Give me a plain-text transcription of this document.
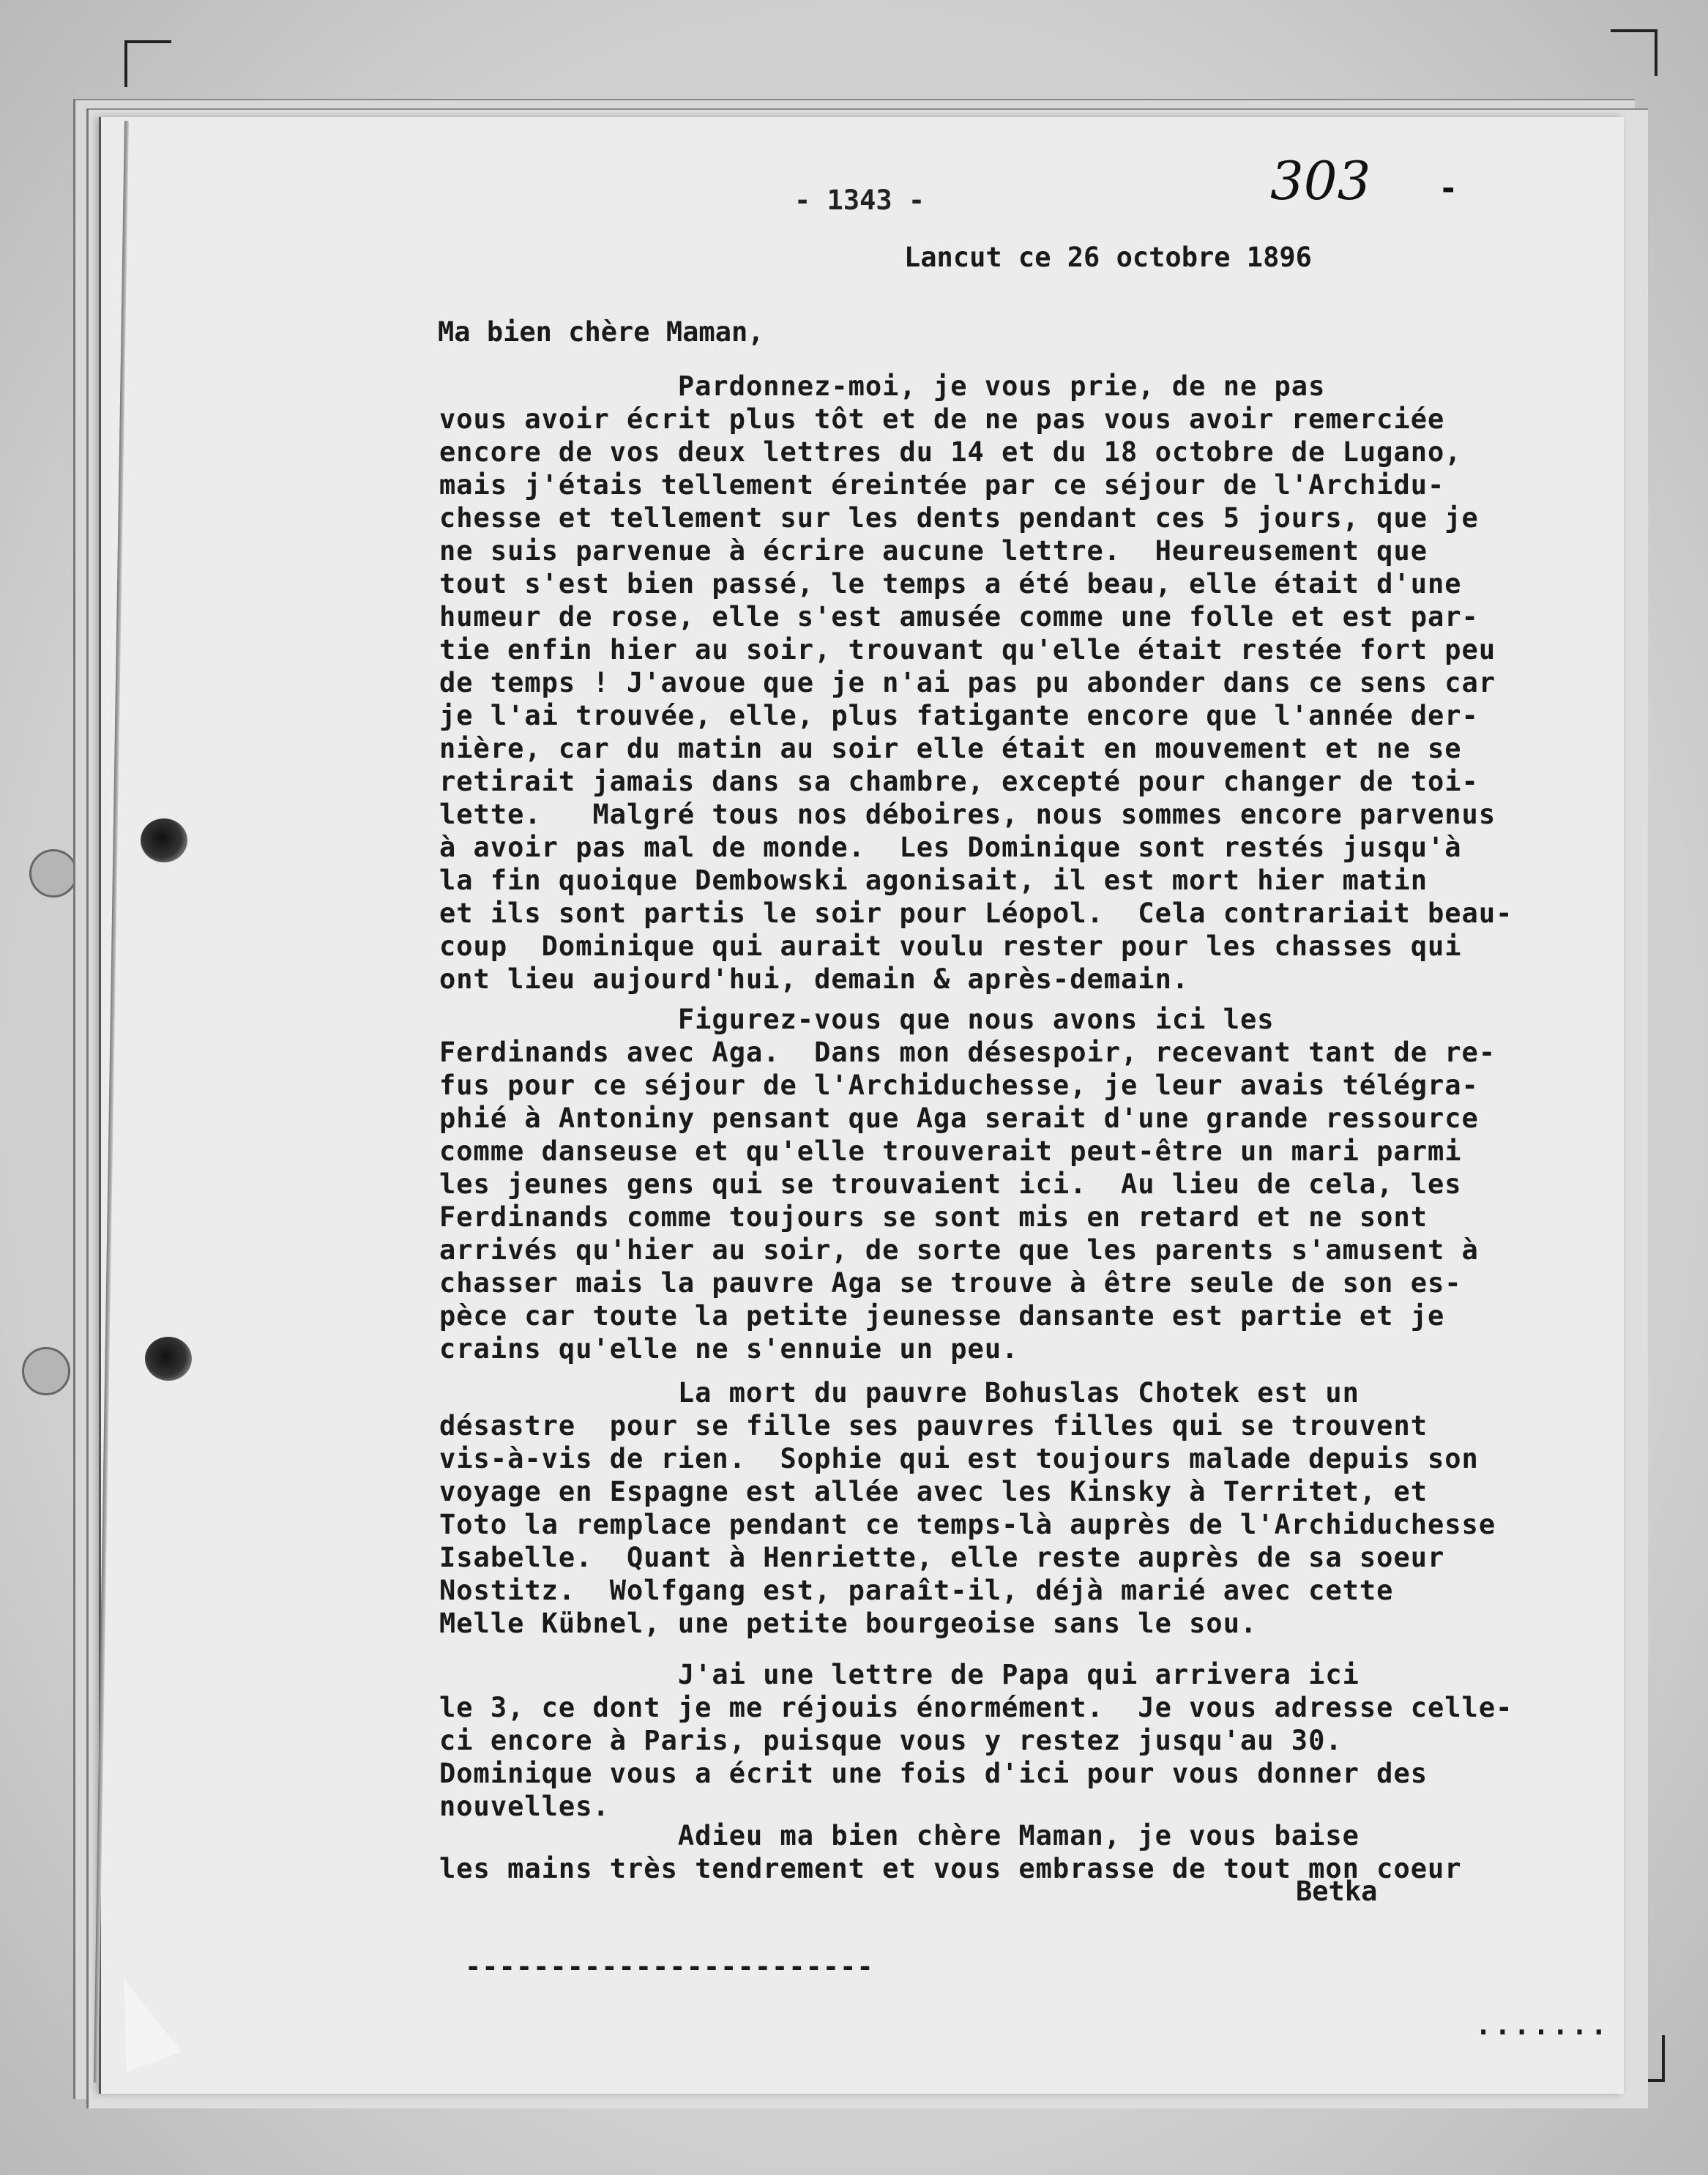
- 1343 -	303 -
Lancut ce 26 octobre 1896
Ma bien chère Maman,
Pardonnez-moi, je vous prie, de ne pas
vous avoir écrit plus tôt et de ne pas vous avoir remerciée
encore de vos deux lettres du 14 et du 18 octobre de Lugano,
mais j'étais tellement éreintée par ce séjour de l'Archidu-
chesse et tellement sur les dents pendant ces 5 jours, que je
ne suis parvenue à écrire aucune lettre.  Heureusement que
tout s'est bien passé, le temps a été beau, elle était d'une
humeur de rose, elle s'est amusée comme une folle et est par-
tie enfin hier au soir, trouvant qu'elle était restée fort peu
de temps ! J'avoue que je n'ai pas pu abonder dans ce sens car
je l'ai trouvée, elle, plus fatigante encore que l'année der-
nière, car du matin au soir elle était en mouvement et ne se
retirait jamais dans sa chambre, excepté pour changer de toi-
lette.   Malgré tous nos déboires, nous sommes encore parvenus
à avoir pas mal de monde.  Les Dominique sont restés jusqu'à
la fin quoique Dembowski agonisait, il est mort hier matin
et ils sont partis le soir pour Léopol.  Cela contrariait beau-
coup  Dominique qui aurait voulu rester pour les chasses qui
ont lieu aujourd'hui, demain & après-demain.
Figurez-vous que nous avons ici les
Ferdinands avec Aga.  Dans mon désespoir, recevant tant de re-
fus pour ce séjour de l'Archiduchesse, je leur avais télégra-
phié à Antoniny pensant que Aga serait d'une grande ressource
comme danseuse et qu'elle trouverait peut-être un mari parmi
les jeunes gens qui se trouvaient ici.  Au lieu de cela, les
Ferdinands comme toujours se sont mis en retard et ne sont
arrivés qu'hier au soir, de sorte que les parents s'amusent à
chasser mais la pauvre Aga se trouve à être seule de son es-
pèce car toute la petite jeunesse dansante est partie et je
crains qu'elle ne s'ennuie un peu.
La mort du pauvre Bohuslas Chotek est un
désastre  pour se fille ses pauvres filles qui se trouvent
vis-à-vis de rien.  Sophie qui est toujours malade depuis son
voyage en Espagne est allée avec les Kinsky à Territet, et
Toto la remplace pendant ce temps-là auprès de l'Archiduchesse
Isabelle.  Quant à Henriette, elle reste auprès de sa soeur
Nostitz.  Wolfgang est, paraît-il, déjà marié avec cette
Melle Kübnel, une petite bourgeoise sans le sou.
J'ai une lettre de Papa qui arrivera ici
le 3, ce dont je me réjouis énormément.  Je vous adresse celle-
ci encore à Paris, puisque vous y restez jusqu'au 30.
Dominique vous a écrit une fois d'ici pour vous donner des
nouvelles.
Adieu ma bien chère Maman, je vous baise
les mains très tendrement et vous embrasse de tout mon coeur
Betka
------------------------
.......
